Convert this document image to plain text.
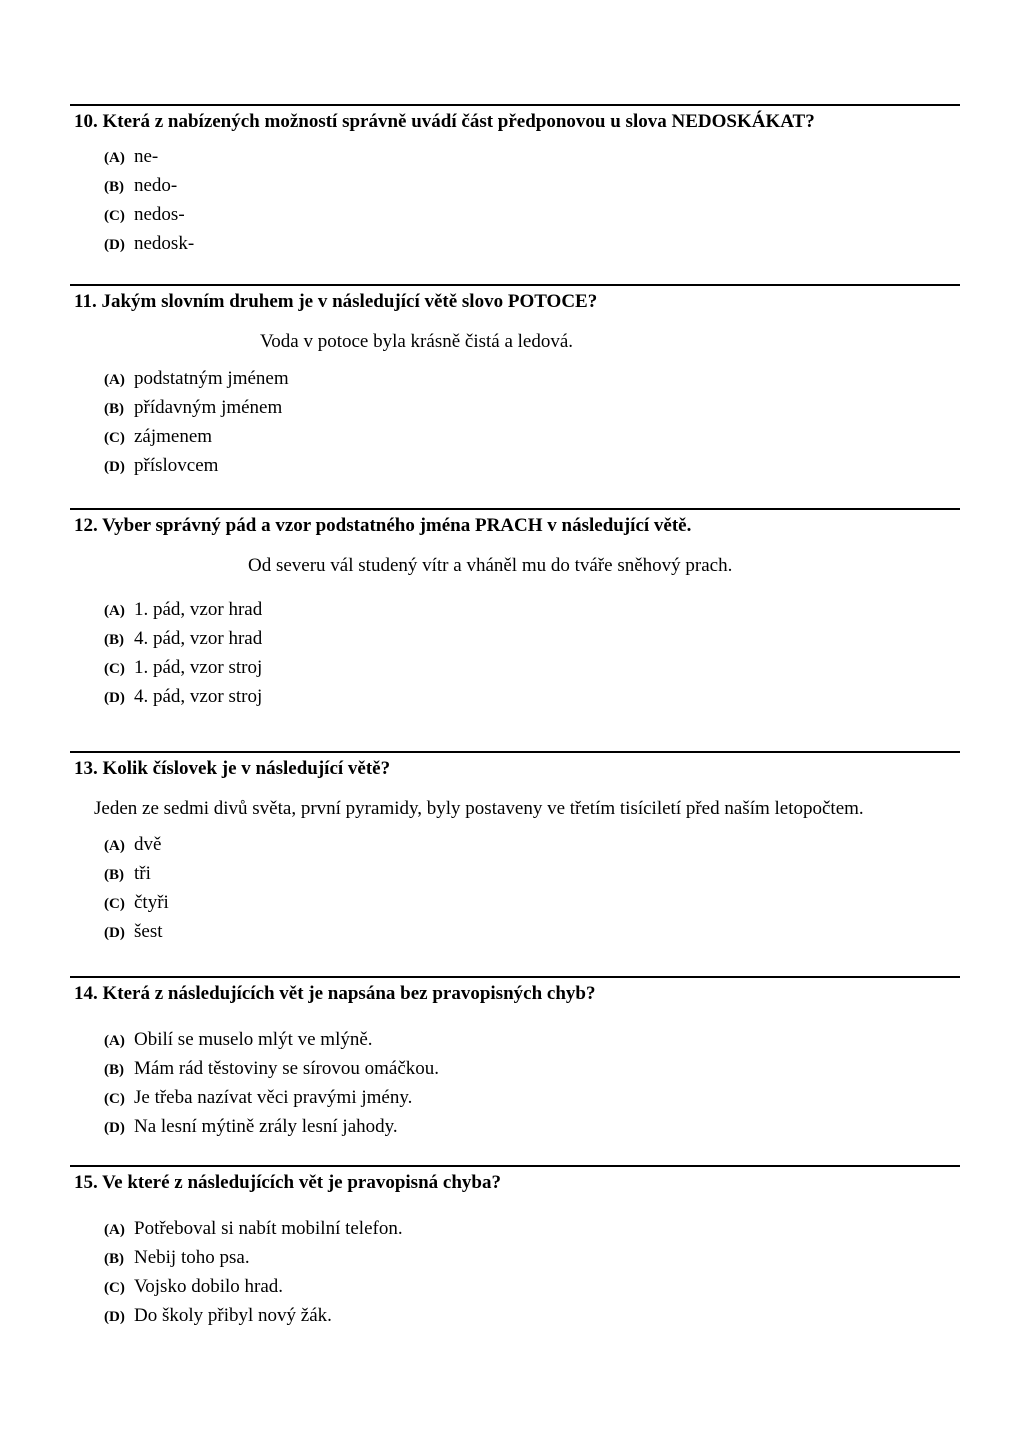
10. Která z nabízených možností správně uvádí část předponovou u slova NEDOSKÁKAT?
(A) ne-
(B) nedo-
(C) nedos-
(D) nedosk-
11. Jakým slovním druhem je v následující větě slovo POTOCE?
Voda v potoce byla krásně čistá a ledová.
(A) podstatným jménem
(B) přídavným jménem
(C) zájmenem
(D) příslovcem
12. Vyber správný pád a vzor podstatného jména PRACH v následující větě.
Od severu vál studený vítr a vháněl mu do tváře sněhový prach.
(A) 1. pád, vzor hrad
(B) 4. pád, vzor hrad
(C) 1. pád, vzor stroj
(D) 4. pád, vzor stroj
13. Kolik číslovek je v následující větě?
Jeden ze sedmi divů světa, první pyramidy, byly postaveny ve třetím tisíciletí před naším letopočtem.
(A) dvě
(B) tři
(C) čtyři
(D) šest
14. Která z následujících vět je napsána bez pravopisných chyb?
(A) Obilí se muselo mlýt ve mlýně.
(B) Mám rád těstoviny se sírovou omáčkou.
(C) Je třeba nazívat věci pravými jmény.
(D) Na lesní mýtině zrály lesní jahody.
15. Ve které z následujících vět je pravopisná chyba?
(A) Potřeboval si nabít mobilní telefon.
(B) Nebij toho psa.
(C) Vojsko dobilo hrad.
(D) Do školy přibyl nový žák.
